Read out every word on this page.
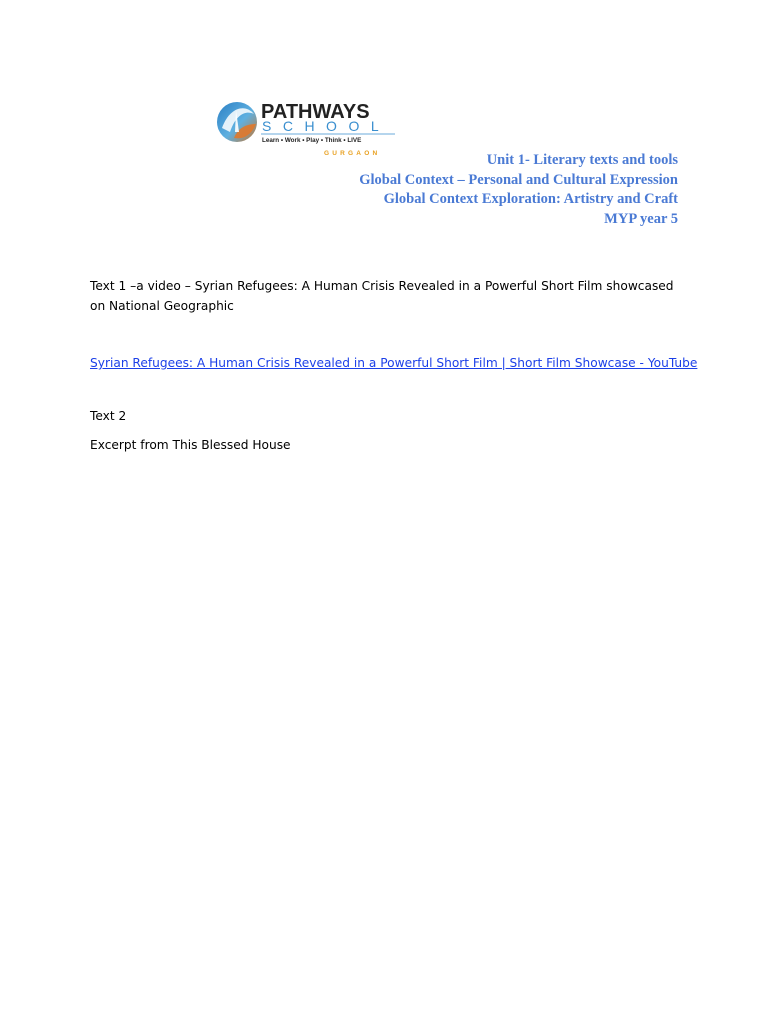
PATHWAYS
SCHOOL
Learn • Work • Play • Think • LIVE
GURGAON	Unit 1- Literary texts and tools
Global Context – Personal and Cultural Expression
Global Context Exploration: Artistry and Craft
MYP year 5
Text 1 –a video – Syrian Refugees: A Human Crisis Revealed in a Powerful Short Film showcased on National Geographic
Syrian Refugees: A Human Crisis Revealed in a Powerful Short Film | Short Film Showcase - YouTube
Text 2
Excerpt from This Blessed House
